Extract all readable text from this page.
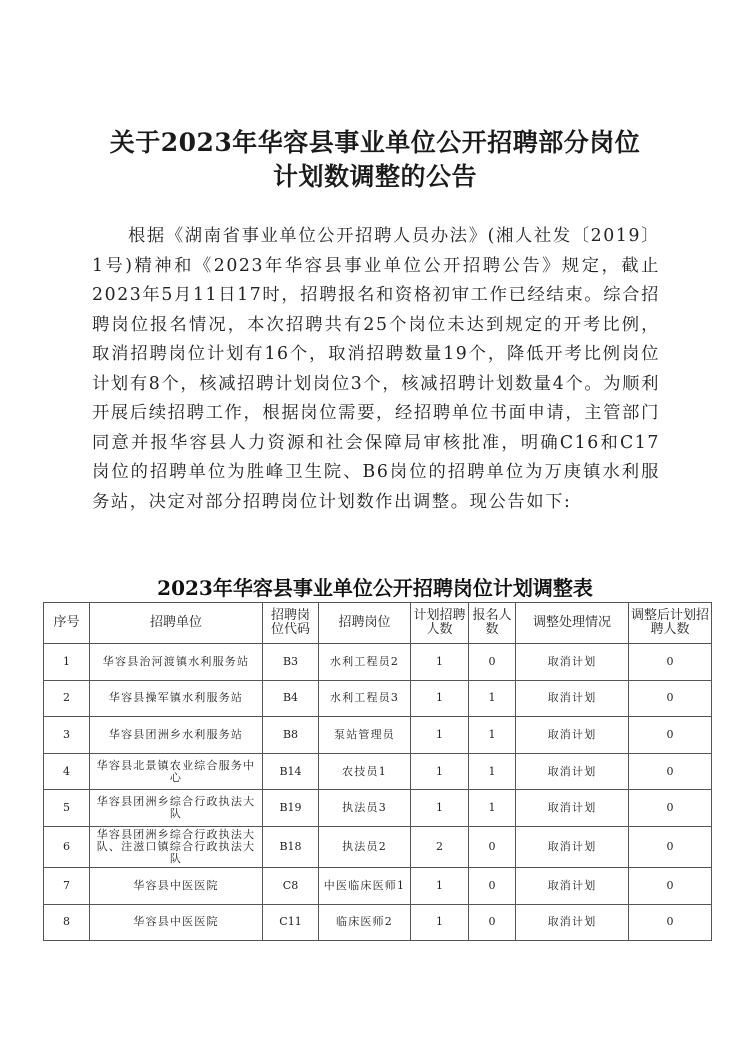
关于2023年华容县事业单位公开招聘部分岗位
计划数调整的公告
根据《湖南省事业单位公开招聘人员办法》(湘人社发〔2019〕1号)精神和《2023年华容县事业单位公开招聘公告》规定，截止2023年5月11日17时，招聘报名和资格初审工作已经结束。综合招聘岗位报名情况，本次招聘共有25个岗位未达到规定的开考比例，取消招聘岗位计划有16个，取消招聘数量19个，降低开考比例岗位计划有8个，核减招聘计划岗位3个，核减招聘计划数量4个。为顺利开展后续招聘工作，根据岗位需要，经招聘单位书面申请，主管部门同意并报华容县人力资源和社会保障局审核批准，明确C16和C17岗位的招聘单位为胜峰卫生院、B6岗位的招聘单位为万庚镇水利服务站，决定对部分招聘岗位计划数作出调整。现公告如下:
2023年华容县事业单位公开招聘岗位计划调整表
序号	招聘单位	招聘岗位代码	招聘岗位	计划招聘人数	报名人数	调整处理情况	调整后计划招聘人数
1	华容县治河渡镇水利服务站	B3	水利工程员2	1	0	取消计划	0
2	华容县操军镇水利服务站	B4	水利工程员3	1	1	取消计划	0
3	华容县团洲乡水利服务站	B8	泵站管理员	1	1	取消计划	0
4	华容县北景镇农业综合服务中心	B14	农技员1	1	1	取消计划	0
5	华容县团洲乡综合行政执法大队	B19	执法员3	1	1	取消计划	0
6	华容县团洲乡综合行政执法大队、注滋口镇综合行政执法大队	B18	执法员2	2	0	取消计划	0
7	华容县中医医院	C8	中医临床医师1	1	0	取消计划	0
8	华容县中医医院	C11	临床医师2	1	0	取消计划	0
